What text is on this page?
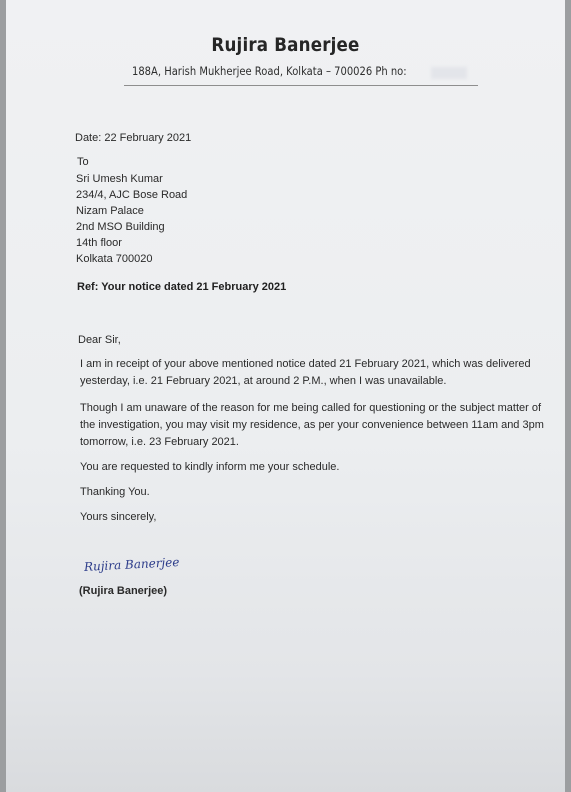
Rujira Banerjee
188A, Harish Mukherjee Road, Kolkata – 700026 Ph no:
Date: 22 February 2021
To
Sri Umesh Kumar
234/4, AJC Bose Road
Nizam Palace
2nd MSO Building
14th floor
Kolkata 700020
Ref: Your notice dated 21 February 2021
Dear Sir,
I am in receipt of your above mentioned notice dated 21 February 2021, which was delivered
yesterday, i.e. 21 February 2021, at around 2 P.M., when I was unavailable.
Though I am unaware of the reason for me being called for questioning or the subject matter of
the investigation, you may visit my residence, as per your convenience between 11am and 3pm
tomorrow, i.e. 23 February 2021.
You are requested to kindly inform me your schedule.
Thanking You.
Yours sincerely,
Rujira Banerjee
(Rujira Banerjee)
